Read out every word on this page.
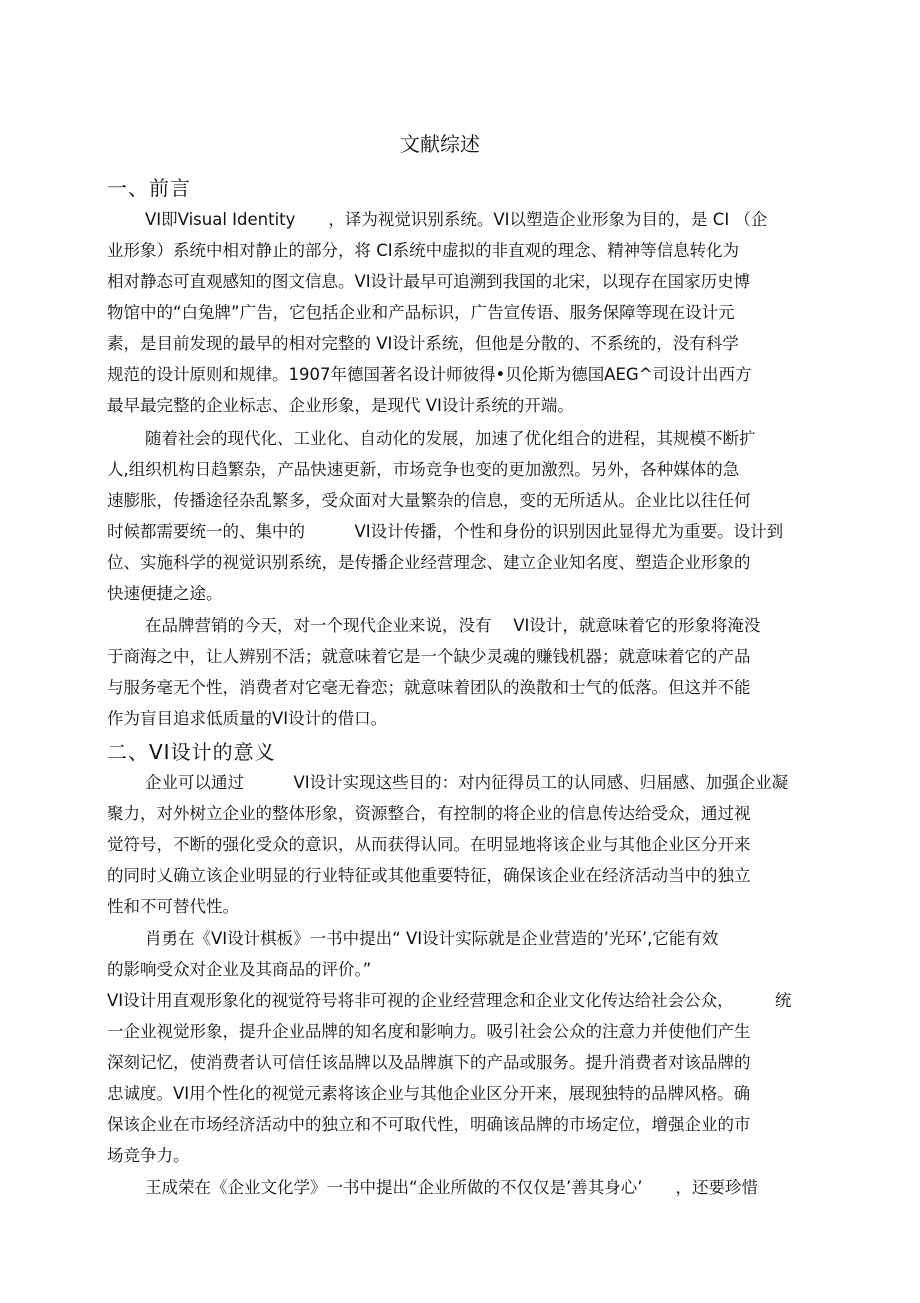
文献综述
一、前言
VI即Visual Identity　　，译为视觉识别系统。VI以塑造企业形象为目的，是 CI （企
业形象）系统中相对静止的部分，将 CI系统中虚拟的非直观的理念、精神等信息转化为
相对静态可直观感知的图文信息。VI设计最早可追溯到我国的北宋，以现存在国家历史博
物馆中的“白兔牌”广告，它包括企业和产品标识，广告宣传语、服务保障等现在设计元
素，是目前发现的最早的相对完整的 VI设计系统，但他是分散的、不系统的，没有科学
规范的设计原则和规律。1907年德国著名设计师彼得•贝伦斯为德国AEG^司设计出西方
最早最完整的企业标志、企业形象，是现代 VI设计系统的开端。
随着社会的现代化、工业化、自动化的发展，加速了优化组合的进程，其规模不断扩
人,组织机构日趋繁杂，产品快速更新，市场竞争也变的更加激烈。另外，各种媒体的急
速膨胀，传播途径杂乱繁多，受众面对大量繁杂的信息，变的无所适从。企业比以往任何
时候都需要统一的、集中的　　　VI设计传播，个性和身份的识别因此显得尤为重要。设计到
位、实施科学的视觉识别系统，是传播企业经营理念、建立企业知名度、塑造企业形象的
快速便捷之途。
在品牌营销的今天，对一个现代企业来说，没有　 VI设计，就意味着它的形象将淹没
于商海之中，让人辨别不活；就意味着它是一个缺少灵魂的赚钱机器；就意味着它的产品
与服务毫无个性，消费者对它毫无眷恋；就意味着团队的涣散和士气的低落。但这并不能
作为盲目追求低质量的VI设计的借口。
二、VI设计的意义
企业可以通过　　　VI设计实现这些目的：对内征得员工的认同感、归届感、加强企业凝
聚力，对外树立企业的整体形象，资源整合，有控制的将企业的信息传达给受众，通过视
觉符号，不断的强化受众的意识，从而获得认同。在明显地将该企业与其他企业区分开来
的同时乂确立该企业明显的行业特征或其他重要特征，确保该企业在经济活动当中的独立
性和不可替代性。
肖勇在《VI设计棋板》一书中提出“ VI设计实际就是企业营造的’光环’,它能有效
的影响受众对企业及其商品的评价。”
VI设计用直观形象化的视觉符号将非可视的企业经营理念和企业文化传达给社会公众，　　　统
一企业视觉形象，提升企业品牌的知名度和影响力。吸引社会公众的注意力并使他们产生
深刻记忆，使消费者认可信任该品牌以及品牌旗下的产品或服务。提升消费者对该品牌的
忠诚度。VI用个性化的视觉元素将该企业与其他企业区分开来，展现独特的品牌风格。确
保该企业在市场经济活动中的独立和不可取代性，明确该品牌的市场定位，增强企业的市
场竞争力。
王成荣在《企业文化学》一书中提出“企业所做的不仅仅是’善其身心’　　，还要珍惜
